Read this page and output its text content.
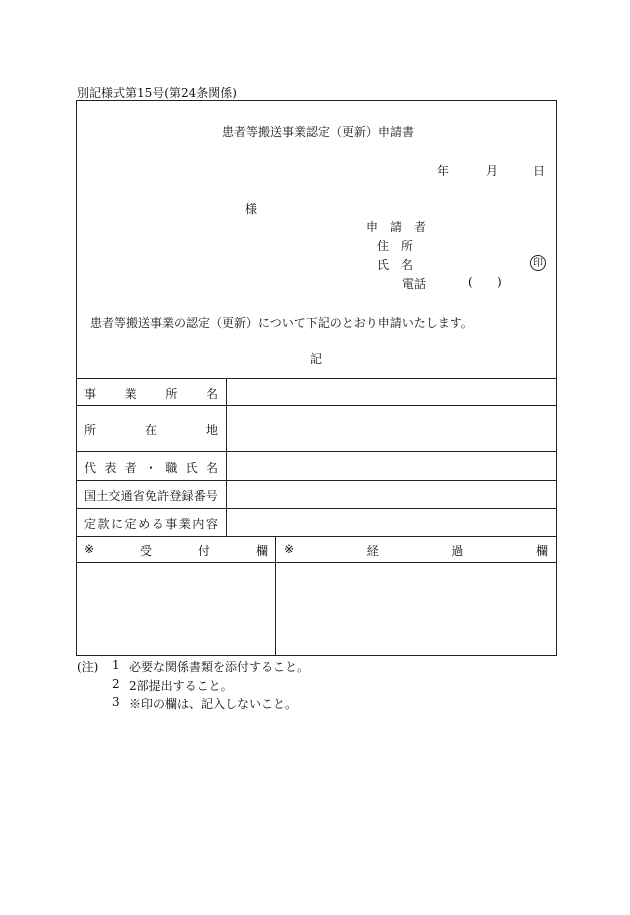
別記様式第15号(第24条関係)
患者等搬送事業認定（更新）申請書
年	月	日
様
申　請　者
住　所
氏　名	印
電話	( )
患者等搬送事業の認定（更新）について下記のとおり申請いたします。
記
事 業 所 名
所	在	地
代 表 者 ・ 職 氏 名
国 土 交 通 省 免 許 登 録 番 号
定 款 に 定 め る 事 業 内 容
※	受	付	欄 ※	経	過	欄
(注) 1 必要な関係書類を添付すること。
2 2部提出すること。
3 ※印の欄は、記入しないこと。
